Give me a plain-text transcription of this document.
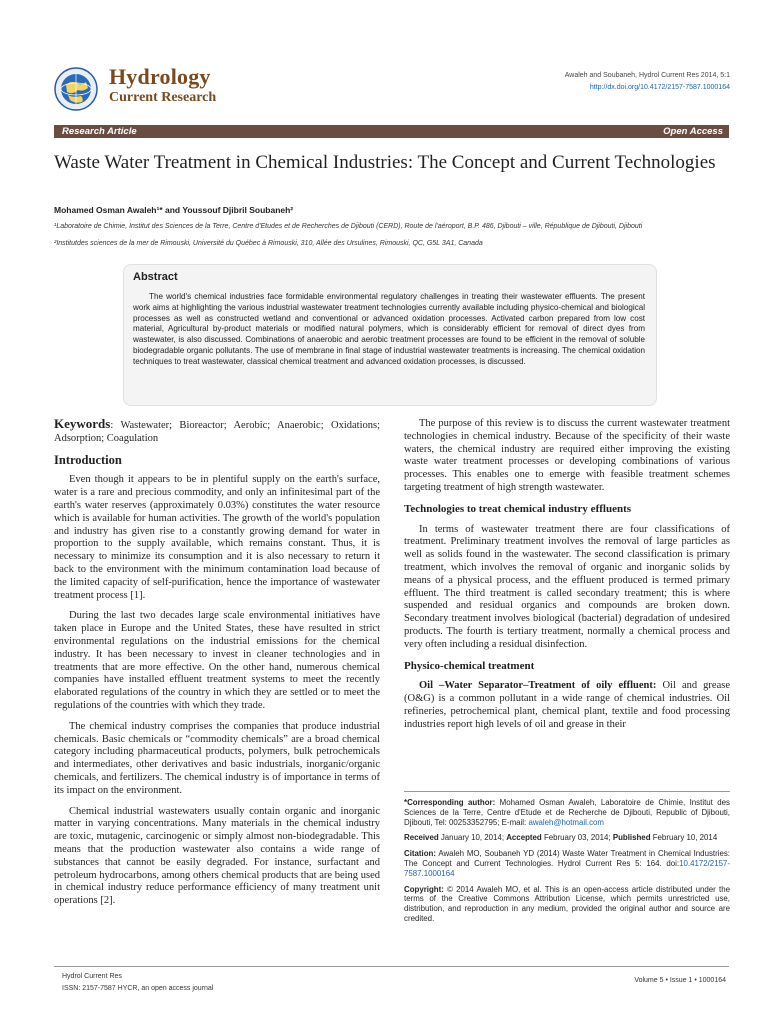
Hydrology
Current Research
Awaleh and Soubaneh, Hydrol Current Res 2014, 5:1
http://dx.doi.org/10.4172/2157-7587.1000164
Research Article	Open Access
Waste Water Treatment in Chemical Industries: The Concept and Current Technologies
Mohamed Osman Awaleh¹* and Youssouf Djibril Soubaneh²
¹Laboratoire de Chimie, Institut des Sciences de la Terre, Centre d'Etudes et de Recherches de Djibouti (CERD), Route de l'aéroport, B.P. 486, Djibouti – ville, République de Djibouti, Djibouti
²Institutdes sciences de la mer de Rimouski, Université du Québec à Rimouski, 310, Allée des Ursulines, Rimouski, QC, G5L 3A1, Canada
Abstract
The world's chemical industries face formidable environmental regulatory challenges in treating their wastewater effluents. The present work aims at highlighting the various industrial wastewater treatment technologies currently available including physico-chemical and biological processes as well as constructed wetland and conventional or advanced oxidation processes. Activated carbon prepared from low cost material, Agricultural by-product materials or modified natural polymers, which is considerably efficient for removal of direct dyes from wastewater, is also discussed. Combinations of anaerobic and aerobic treatment processes are found to be efficient in the removal of soluble biodegradable organic pollutants. The use of membrane in final stage of industrial wastewater treatments is increasing. The chemical oxidation techniques to treat wastewater, classical chemical treatment and advanced oxidation processes, is discussed.

Keywords: Wastewater; Bioreactor; Aerobic; Anaerobic; Oxidations; Adsorption; Coagulation

Introduction

Even though it appears to be in plentiful supply on the earth's surface, water is a rare and precious commodity, and only an infinitesimal part of the earth's water reserves (approximately 0.03%) constitutes the water resource which is available for human activities. The growth of the world's population and industry has given rise to a constantly growing demand for water in proportion to the supply available, which remains constant. Thus, it is necessary to minimize its consumption and it is also necessary to return it back to the environment with the minimum contamination load because of the limited capacity of self-purification, hence the importance of wastewater treatment process [1].

During the last two decades large scale environmental initiatives have taken place in Europe and the United States, these have resulted in strict environmental regulations on the industrial emissions for the chemical industry. It has been necessary to invest in cleaner technologies and in treatments that are more effective. On the other hand, numerous chemical companies have installed effluent treatment systems to meet the recently elaborated regulations of the country in which they are settled or to meet the regulations of the countries with which they trade.

The chemical industry comprises the companies that produce industrial chemicals. Basic chemicals or “commodity chemicals” are a broad chemical category including pharmaceutical products, polymers, bulk petrochemicals and intermediates, other derivatives and basic industrials, inorganic/organic chemicals, and fertilizers. The chemical industry is of importance in terms of its impact on the environment.

Chemical industrial wastewaters usually contain organic and inorganic matter in varying concentrations. Many materials in the chemical industry are toxic, mutagenic, carcinogenic or simply almost non-biodegradable. This means that the production wastewater also contains a wide range of substances that cannot be easily degraded. For instance, surfactant and petroleum hydrocarbons, among others chemical products that are being used in chemical industry reduce performance efficiency of many treatment unit operations [2].

The purpose of this review is to discuss the current wastewater treatment technologies in chemical industry. Because of the specificity of their waste waters, the chemical industry are required either improving the existing waste water treatment processes or developing combinations of various processes. This enables one to emerge with feasible treatment schemes targeting treatment of high strength wastewater.

Technologies to treat chemical industry effluents

In terms of wastewater treatment there are four classifications of treatment. Preliminary treatment involves the removal of large particles as well as solids found in the wastewater. The second classification is primary treatment, which involves the removal of organic and inorganic solids by means of a physical process, and the effluent produced is termed primary effluent. The third treatment is called secondary treatment; this is where suspended and residual organics and compounds are broken down. Secondary treatment involves biological (bacterial) degradation of undesired products. The fourth is tertiary treatment, normally a chemical process and very often including a residual disinfection.

Physico-chemical treatment

Oil –Water Separator–Treatment of oily effluent: Oil and grease (O&G) is a common pollutant in a wide range of chemical industries. Oil refineries, petrochemical plant, chemical plant, textile and food processing industries report high levels of oil and grease in their

*Corresponding author: Mohamed Osman Awaleh, Laboratoire de Chimie, Institut des Sciences de la Terre, Centre d'Etude et de Recherche de Djibouti, Republic of Djibouti, Djibouti, Tel: 00253352795; E-mail: awaleh@hotmail.com

Received January 10, 2014; Accepted February 03, 2014; Published February 10, 2014

Citation: Awaleh MO, Soubaneh YD (2014) Waste Water Treatment in Chemical Industries: The Concept and Current Technologies. Hydrol Current Res 5: 164. doi:10.4172/2157-7587.1000164

Copyright: © 2014 Awaleh MO, et al. This is an open-access article distributed under the terms of the Creative Commons Attribution License, which permits unrestricted use, distribution, and reproduction in any medium, provided the original author and source are credited.

Hydrol Current Res
ISSN: 2157-7587 HYCR, an open access journal
Volume 5 • Issue 1 • 1000164
